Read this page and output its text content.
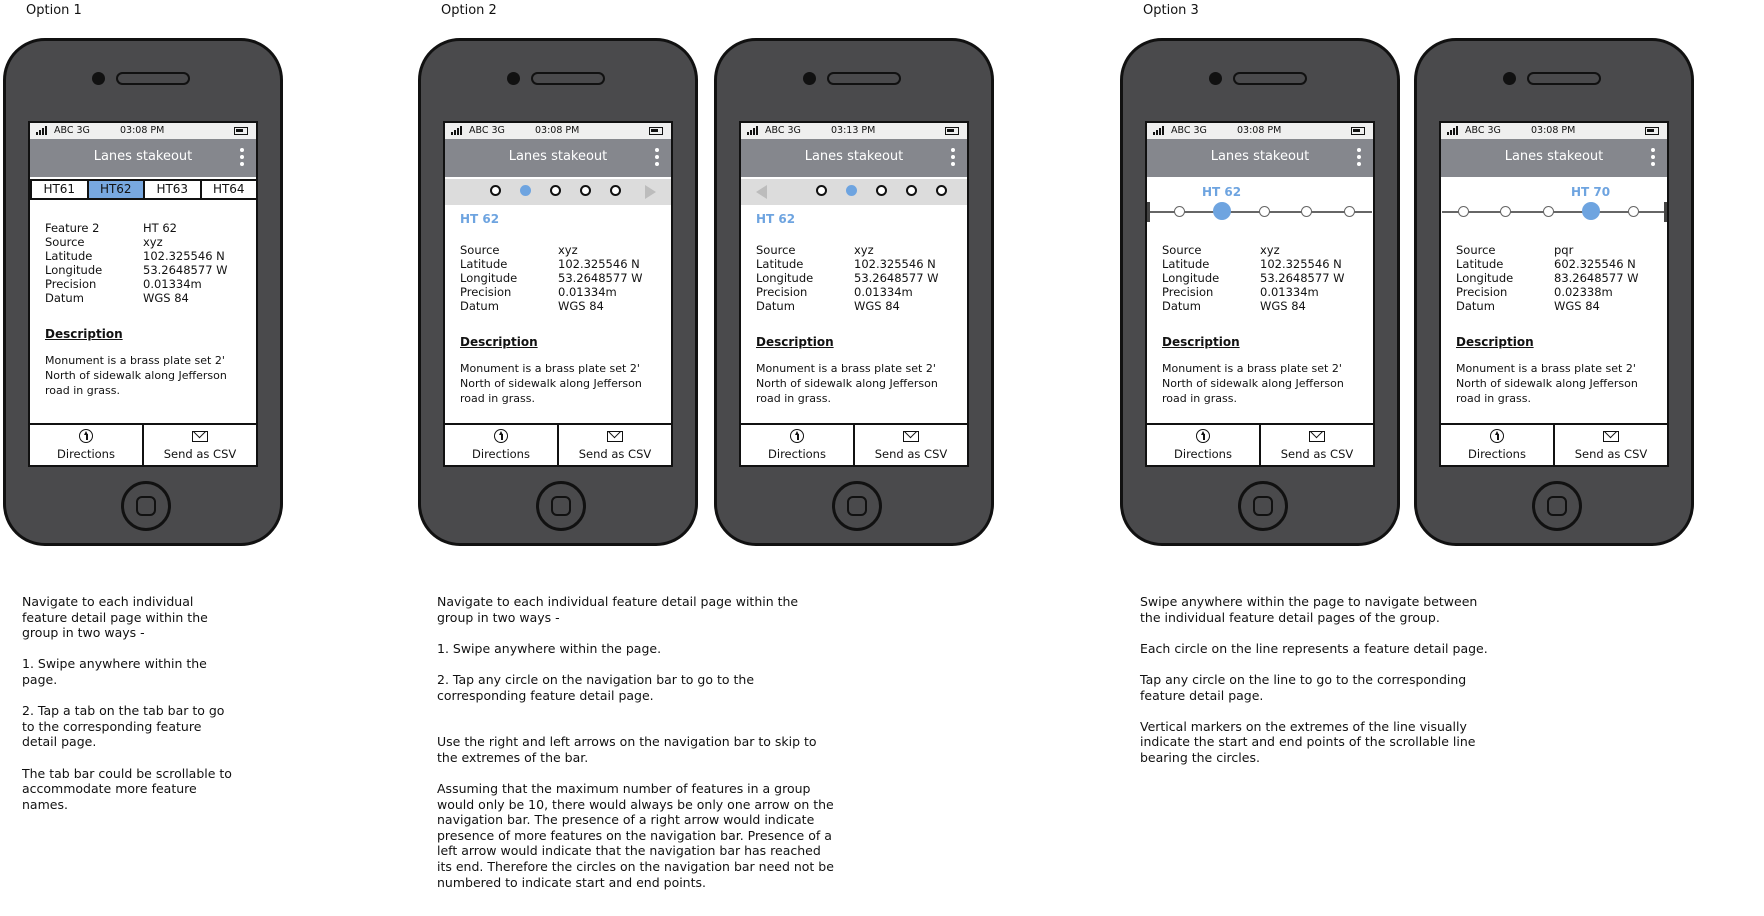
Option 1	Option 2	Option 3
ABC 3G	03:08 PM
Lanes stakeout
HT61	HT62	HT63	HT64
Feature 2	HT 62
Source	xyz
Latitude	102.325546 N
Longitude	53.2648577 W
Precision	0.01334m
Datum	WGS 84
Description
Monument is a brass plate set 2' North of sidewalk along Jefferson road in grass.
Directions	Send as CSV
ABC 3G	03:08 PM
Lanes stakeout
HT 62
Source	xyz
Latitude	102.325546 N
Longitude	53.2648577 W
Precision	0.01334m
Datum	WGS 84
Description
Monument is a brass plate set 2' North of sidewalk along Jefferson road in grass.
Directions	Send as CSV
ABC 3G	03:13 PM
Lanes stakeout
HT 62
Source	xyz
Latitude	102.325546 N
Longitude	53.2648577 W
Precision	0.01334m
Datum	WGS 84
Description
Monument is a brass plate set 2' North of sidewalk along Jefferson road in grass.
Directions	Send as CSV
ABC 3G	03:08 PM
Lanes stakeout
HT 62
Source	xyz
Latitude	102.325546 N
Longitude	53.2648577 W
Precision	0.01334m
Datum	WGS 84
Description
Monument is a brass plate set 2' North of sidewalk along Jefferson road in grass.
Directions	Send as CSV
ABC 3G	03:08 PM
Lanes stakeout
HT 70
Source	pqr
Latitude	602.325546 N
Longitude	83.2648577 W
Precision	0.02338m
Datum	WGS 84
Description
Monument is a brass plate set 2' North of sidewalk along Jefferson road in grass.
Directions	Send as CSV

Navigate to each individual feature detail page within the group in two ways -

1. Swipe anywhere within the page.

2. Tap a tab on the tab bar to go to the corresponding feature detail page.

The tab bar could be scrollable to accommodate more feature names.

Navigate to each individual feature detail page within the group in two ways -

1. Swipe anywhere within the page.

2. Tap any circle on the navigation bar to go to the corresponding feature detail page.

Use the right and left arrows on the navigation bar to skip to the extremes of the bar.

Assuming that the maximum number of features in a group would only be 10, there would always be only one arrow on the navigation bar. The presence of a right arrow would indicate presence of more features on the navigation bar. Presence of a left arrow would indicate that the navigation bar has reached its end. Therefore the circles on the navigation bar need not be numbered to indicate start and end points.

Swipe anywhere within the page to navigate between the individual feature detail pages of the group.

Each circle on the line represents a feature detail page.

Tap any circle on the line to go to the corresponding feature detail page.

Vertical markers on the extremes of the line visually indicate the start and end points of the scrollable line bearing the circles.
